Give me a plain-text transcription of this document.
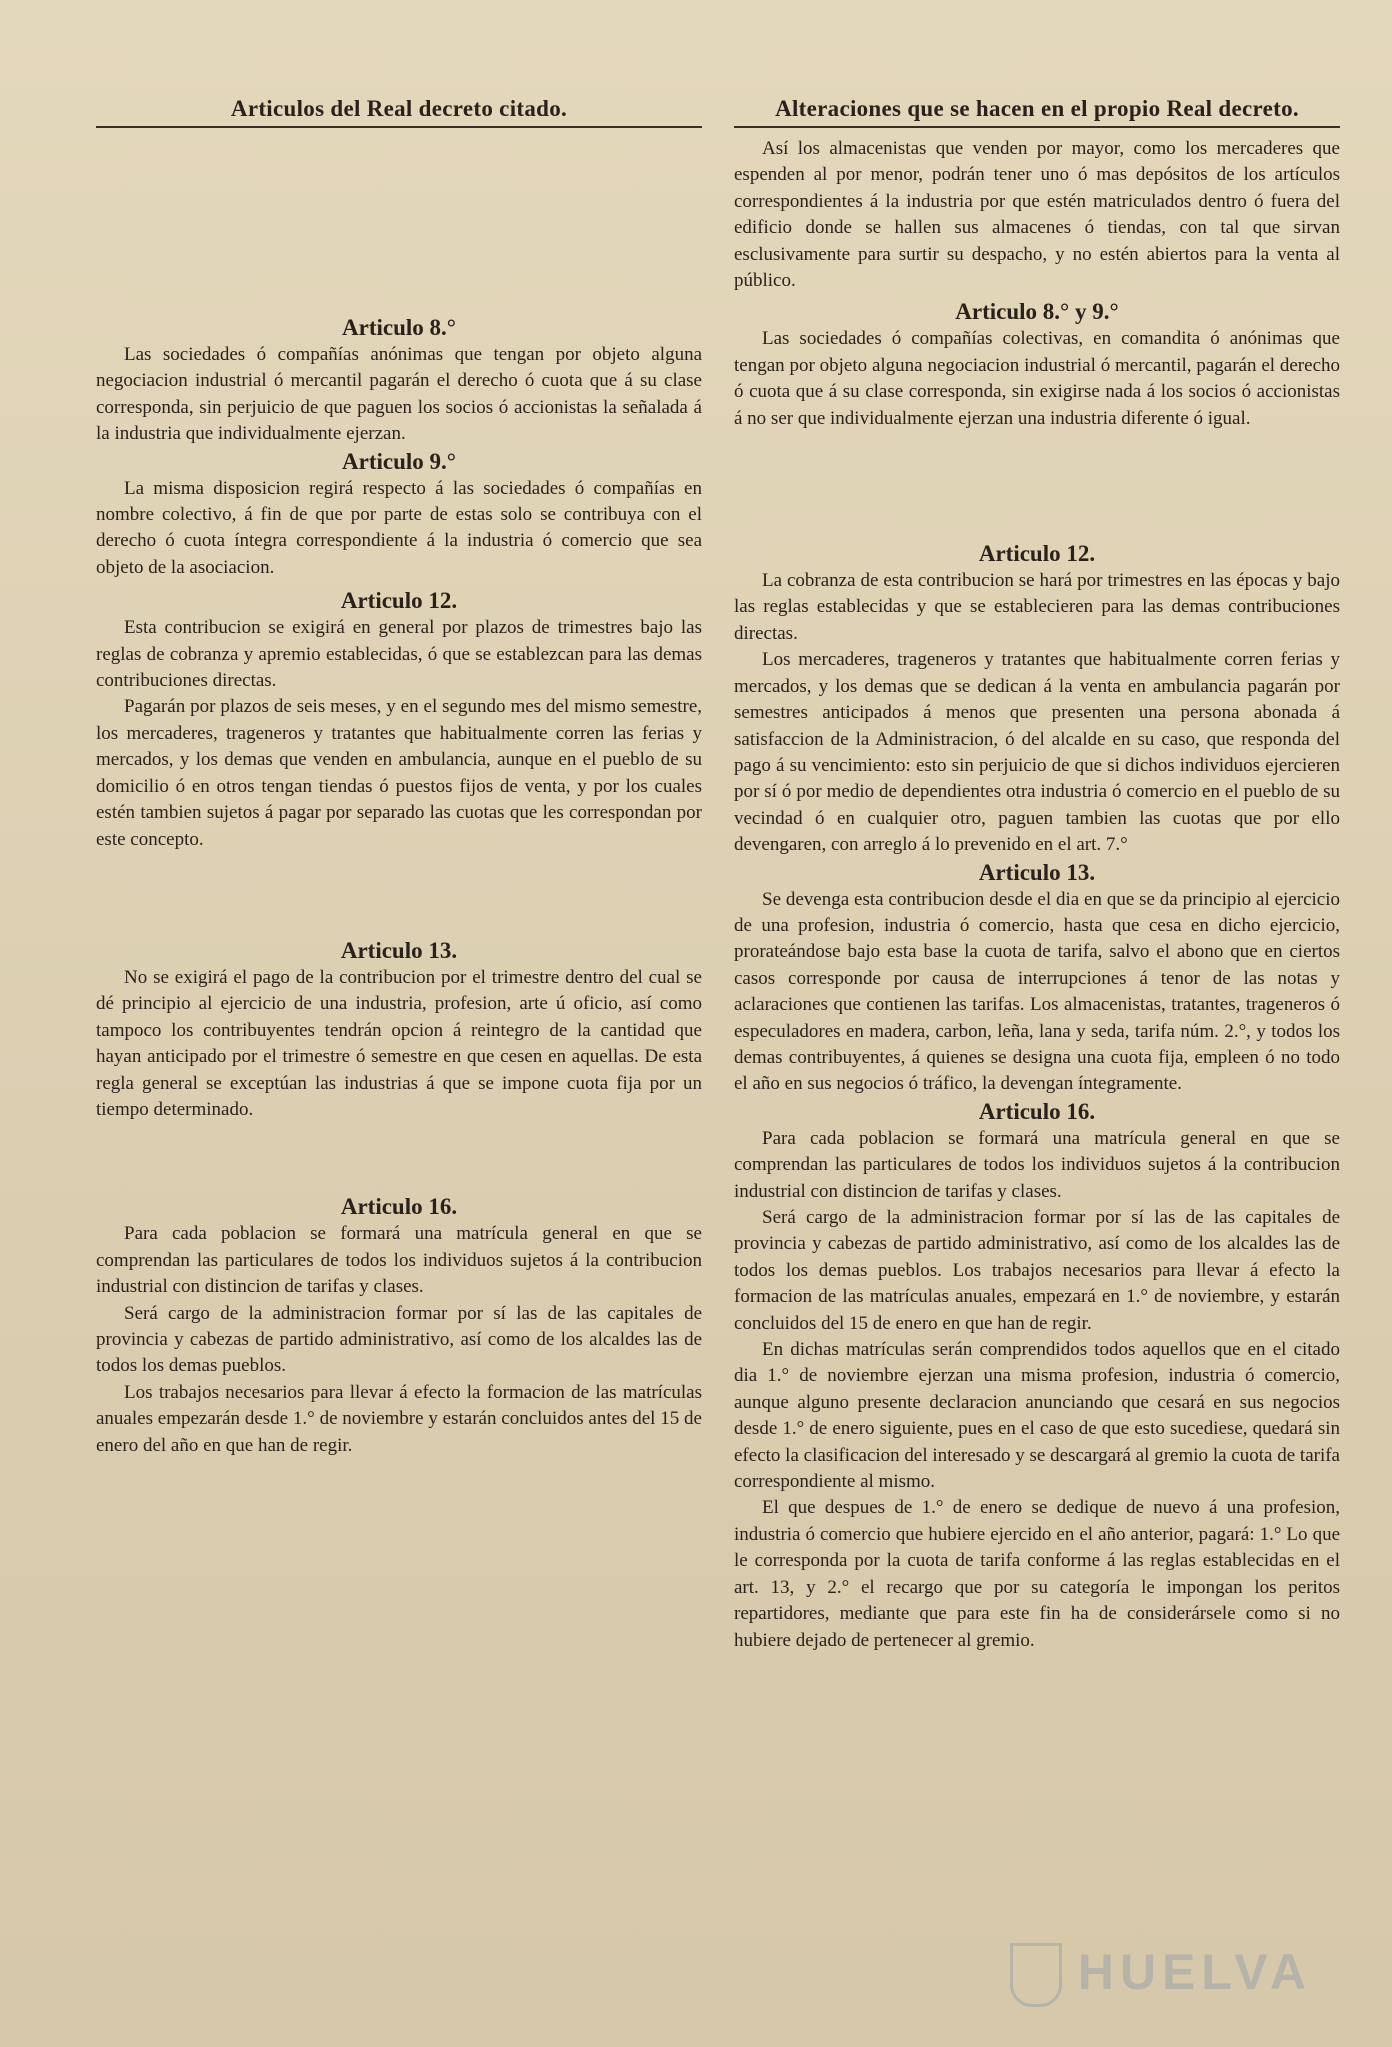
Articulos del Real decreto citado.
Articulo 8.°

Las sociedades ó compañías anónimas que tengan por objeto alguna negociacion industrial ó mercantil pagarán el derecho ó cuota que á su clase corresponda, sin perjuicio de que paguen los socios ó accionistas la señalada á la industria que individualmente ejerzan.

Articulo 9.°

La misma disposicion regirá respecto á las sociedades ó compañías en nombre colectivo, á fin de que por parte de estas solo se contribuya con el derecho ó cuota íntegra correspondiente á la industria ó comercio que sea objeto de la asociacion.

Articulo 12.

Esta contribucion se exigirá en general por plazos de trimestres bajo las reglas de cobranza y apremio establecidas, ó que se establezcan para las demas contribuciones directas.

Pagarán por plazos de seis meses, y en el segundo mes del mismo semestre, los mercaderes, trageneros y tratantes que habitualmente corren las ferias y mercados, y los demas que venden en ambulancia, aunque en el pueblo de su domicilio ó en otros tengan tiendas ó puestos fijos de venta, y por los cuales estén tambien sujetos á pagar por separado las cuotas que les correspondan por este concepto.

Articulo 13.

No se exigirá el pago de la contribucion por el trimestre dentro del cual se dé principio al ejercicio de una industria, profesion, arte ú oficio, así como tampoco los contribuyentes tendrán opcion á reintegro de la cantidad que hayan anticipado por el trimestre ó semestre en que cesen en aquellas. De esta regla general se exceptúan las industrias á que se impone cuota fija por un tiempo determinado.

Articulo 16.

Para cada poblacion se formará una matrícula general en que se comprendan las particulares de todos los individuos sujetos á la contribucion industrial con distincion de tarifas y clases.

Será cargo de la administracion formar por sí las de las capitales de provincia y cabezas de partido administrativo, así como de los alcaldes las de todos los demas pueblos.

Los trabajos necesarios para llevar á efecto la formacion de las matrículas anuales empezarán desde 1.° de noviembre y estarán concluidos antes del 15 de enero del año en que han de regir.

Alteraciones que se hacen en el propio Real decreto.

Así los almacenistas que venden por mayor, como los mercaderes que espenden al por menor, podrán tener uno ó mas depósitos de los artículos correspondientes á la industria por que estén matriculados dentro ó fuera del edificio donde se hallen sus almacenes ó tiendas, con tal que sirvan esclusivamente para surtir su despacho, y no estén abiertos para la venta al público.

Articulo 8.° y 9.°

Las sociedades ó compañías colectivas, en comandita ó anónimas que tengan por objeto alguna negociacion industrial ó mercantil, pagarán el derecho ó cuota que á su clase corresponda, sin exigirse nada á los socios ó accionistas á no ser que individualmente ejerzan una industria diferente ó igual.

Articulo 12.

La cobranza de esta contribucion se hará por trimestres en las épocas y bajo las reglas establecidas y que se establecieren para las demas contribuciones directas.

Los mercaderes, trageneros y tratantes que habitualmente corren ferias y mercados, y los demas que se dedican á la venta en ambulancia pagarán por semestres anticipados á menos que presenten una persona abonada á satisfaccion de la Administracion, ó del alcalde en su caso, que responda del pago á su vencimiento: esto sin perjuicio de que si dichos individuos ejercieren por sí ó por medio de dependientes otra industria ó comercio en el pueblo de su vecindad ó en cualquier otro, paguen tambien las cuotas que por ello devengaren, con arreglo á lo prevenido en el art. 7.°

Articulo 13.

Se devenga esta contribucion desde el dia en que se da principio al ejercicio de una profesion, industria ó comercio, hasta que cesa en dicho ejercicio, prorateándose bajo esta base la cuota de tarifa, salvo el abono que en ciertos casos corresponde por causa de interrupciones á tenor de las notas y aclaraciones que contienen las tarifas. Los almacenistas, tratantes, trageneros ó especuladores en madera, carbon, leña, lana y seda, tarifa núm. 2.°, y todos los demas contribuyentes, á quienes se designa una cuota fija, empleen ó no todo el año en sus negocios ó tráfico, la devengan íntegramente.

Articulo 16.

Para cada poblacion se formará una matrícula general en que se comprendan las particulares de todos los individuos sujetos á la contribucion industrial con distincion de tarifas y clases.

Será cargo de la administracion formar por sí las de las capitales de provincia y cabezas de partido administrativo, así como de los alcaldes las de todos los demas pueblos. Los trabajos necesarios para llevar á efecto la formacion de las matrículas anuales, empezará en 1.° de noviembre, y estarán concluidos del 15 de enero en que han de regir.

En dichas matrículas serán comprendidos todos aquellos que en el citado dia 1.° de noviembre ejerzan una misma profesion, industria ó comercio, aunque alguno presente declaracion anunciando que cesará en sus negocios desde 1.° de enero siguiente, pues en el caso de que esto sucediese, quedará sin efecto la clasificacion del interesado y se descargará al gremio la cuota de tarifa correspondiente al mismo.

El que despues de 1.° de enero se dedique de nuevo á una profesion, industria ó comercio que hubiere ejercido en el año anterior, pagará: 1.° Lo que le corresponda por la cuota de tarifa conforme á las reglas establecidas en el art. 13, y 2.° el recargo que por su categoría le impongan los peritos repartidores, mediante que para este fin ha de considerársele como si no hubiere dejado de pertenecer al gremio.

HUELVA
